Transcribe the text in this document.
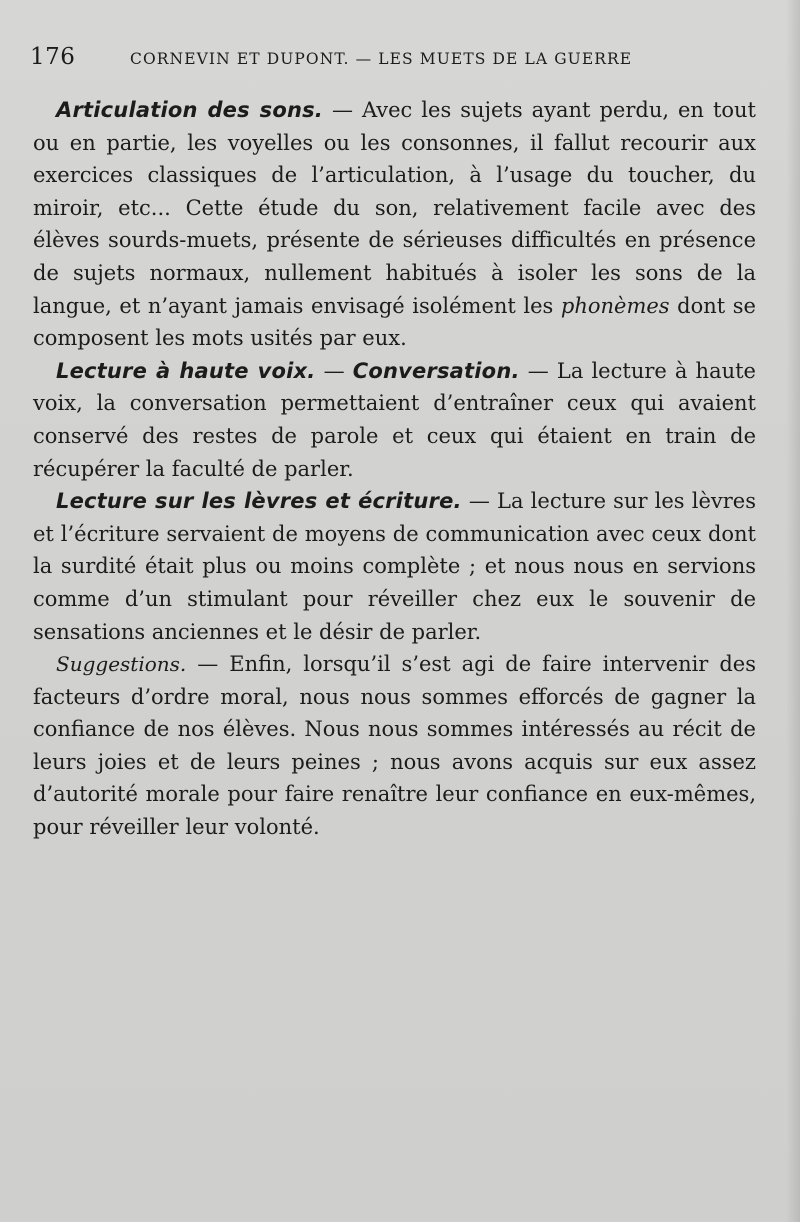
176	CORNEVIN ET DUPONT. — LES MUETS DE LA GUERRE

Articulation des sons. — Avec les sujets ayant perdu, en tout ou en partie, les voyelles ou les consonnes, il fallut recourir aux exercices classiques de l’articulation, à l’usage du toucher, du miroir, etc... Cette étude du son, relativement facile avec des élèves sourds-muets, présente de sérieuses difficultés en présence de sujets normaux, nullement habitués à isoler les sons de la langue, et n’ayant jamais envisagé isolément les phonèmes dont se composent les mots usités par eux.

Lecture à haute voix. — Conversation. — La lecture à haute voix, la conversation permettaient d’entraîner ceux qui avaient conservé des restes de parole et ceux qui étaient en train de récupérer la faculté de parler.

Lecture sur les lèvres et écriture. — La lecture sur les lèvres et l’écriture servaient de moyens de communication avec ceux dont la surdité était plus ou moins complète ; et nous nous en servions comme d’un stimulant pour réveiller chez eux le souvenir de sensations anciennes et le désir de parler.

Suggestions. — Enfin, lorsqu’il s’est agi de faire intervenir des facteurs d’ordre moral, nous nous sommes efforcés de gagner la confiance de nos élèves. Nous nous sommes intéressés au récit de leurs joies et de leurs peines ; nous avons acquis sur eux assez d’autorité morale pour faire renaître leur confiance en eux-mêmes, pour réveiller leur volonté.
